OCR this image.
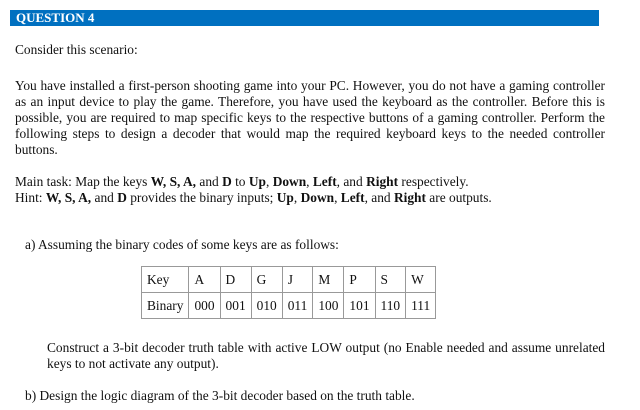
QUESTION 4
Consider this scenario:
You have installed a first-person shooting game into your PC. However, you do not have a gaming controller as an input device to play the game. Therefore, you have used the keyboard as the controller. Before this is possible, you are required to map specific keys to the respective buttons of a gaming controller. Perform the following steps to design a decoder that would map the required keyboard keys to the needed controller buttons.
Main task: Map the keys W, S, A, and D to Up, Down, Left, and Right respectively.
Hint: W, S, A, and D provides the binary inputs; Up, Down, Left, and Right are outputs.
a) Assuming the binary codes of some keys are as follows:
Key	A	D	G	J	M	P	S	W
Binary	000	001	010	011	100	101	110	111
Construct a 3-bit decoder truth table with active LOW output (no Enable needed and assume unrelated keys to not activate any output).
b) Design the logic diagram of the 3-bit decoder based on the truth table.
